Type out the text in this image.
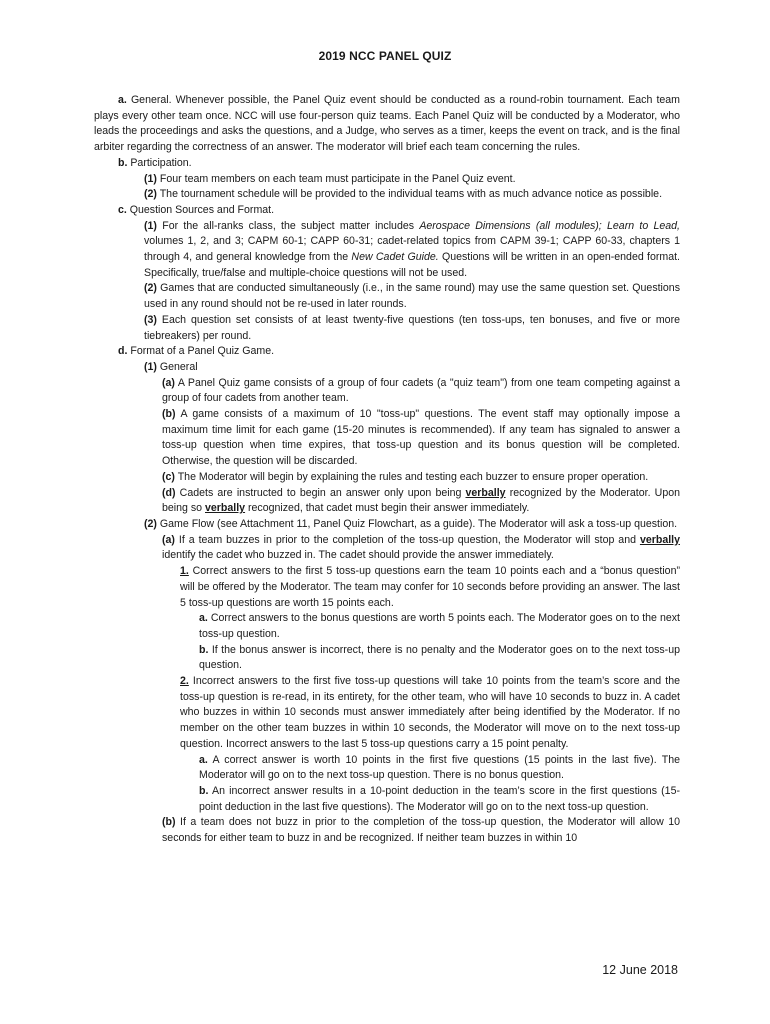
2019 NCC PANEL QUIZ

a. General. Whenever possible, the Panel Quiz event should be conducted as a round-robin tournament. Each team plays every other team once. NCC will use four-person quiz teams. Each Panel Quiz will be conducted by a Moderator, who leads the proceedings and asks the questions, and a Judge, who serves as a timer, keeps the event on track, and is the final arbiter regarding the correctness of an answer. The moderator will brief each team concerning the rules.

b. Participation.

(1) Four team members on each team must participate in the Panel Quiz event.

(2) The tournament schedule will be provided to the individual teams with as much advance notice as possible.

c. Question Sources and Format.

(1) For the all-ranks class, the subject matter includes Aerospace Dimensions (all modules); Learn to Lead, volumes 1, 2, and 3; CAPM 60-1; CAPP 60-31; cadet-related topics from CAPM 39-1; CAPP 60-33, chapters 1 through 4, and general knowledge from the New Cadet Guide. Questions will be written in an open-ended format. Specifically, true/false and multiple-choice questions will not be used.

(2) Games that are conducted simultaneously (i.e., in the same round) may use the same question set. Questions used in any round should not be re-used in later rounds.

(3) Each question set consists of at least twenty-five questions (ten toss-ups, ten bonuses, and five or more tiebreakers) per round.

d. Format of a Panel Quiz Game.

(1) General

(a) A Panel Quiz game consists of a group of four cadets (a "quiz team") from one team competing against a group of four cadets from another team.

(b) A game consists of a maximum of 10 "toss-up" questions. The event staff may optionally impose a maximum time limit for each game (15-20 minutes is recommended). If any team has signaled to answer a toss-up question when time expires, that toss-up question and its bonus question will be completed. Otherwise, the question will be discarded.

(c) The Moderator will begin by explaining the rules and testing each buzzer to ensure proper operation.

(d) Cadets are instructed to begin an answer only upon being verbally recognized by the Moderator. Upon being so verbally recognized, that cadet must begin their answer immediately.

(2) Game Flow (see Attachment 11, Panel Quiz Flowchart, as a guide). The Moderator will ask a toss-up question.

(a) If a team buzzes in prior to the completion of the toss-up question, the Moderator will stop and verbally identify the cadet who buzzed in. The cadet should provide the answer immediately.

1. Correct answers to the first 5 toss-up questions earn the team 10 points each and a “bonus question” will be offered by the Moderator. The team may confer for 10 seconds before providing an answer. The last 5 toss-up questions are worth 15 points each.

a. Correct answers to the bonus questions are worth 5 points each. The Moderator goes on to the next toss-up question.

b. If the bonus answer is incorrect, there is no penalty and the Moderator goes on to the next toss-up question.

2. Incorrect answers to the first five toss-up questions will take 10 points from the team’s score and the toss-up question is re-read, in its entirety, for the other team, who will have 10 seconds to buzz in. A cadet who buzzes in within 10 seconds must answer immediately after being identified by the Moderator. If no member on the other team buzzes in within 10 seconds, the Moderator will move on to the next toss-up question. Incorrect answers to the last 5 toss-up questions carry a 15 point penalty.

a. A correct answer is worth 10 points in the first five questions (15 points in the last five). The Moderator will go on to the next toss-up question. There is no bonus question.

b. An incorrect answer results in a 10-point deduction in the team’s score in the first questions (15-point deduction in the last five questions). The Moderator will go on to the next toss-up question.

(b) If a team does not buzz in prior to the completion of the toss-up question, the Moderator will allow 10 seconds for either team to buzz in and be recognized. If neither team buzzes in within 10

12 June 2018
